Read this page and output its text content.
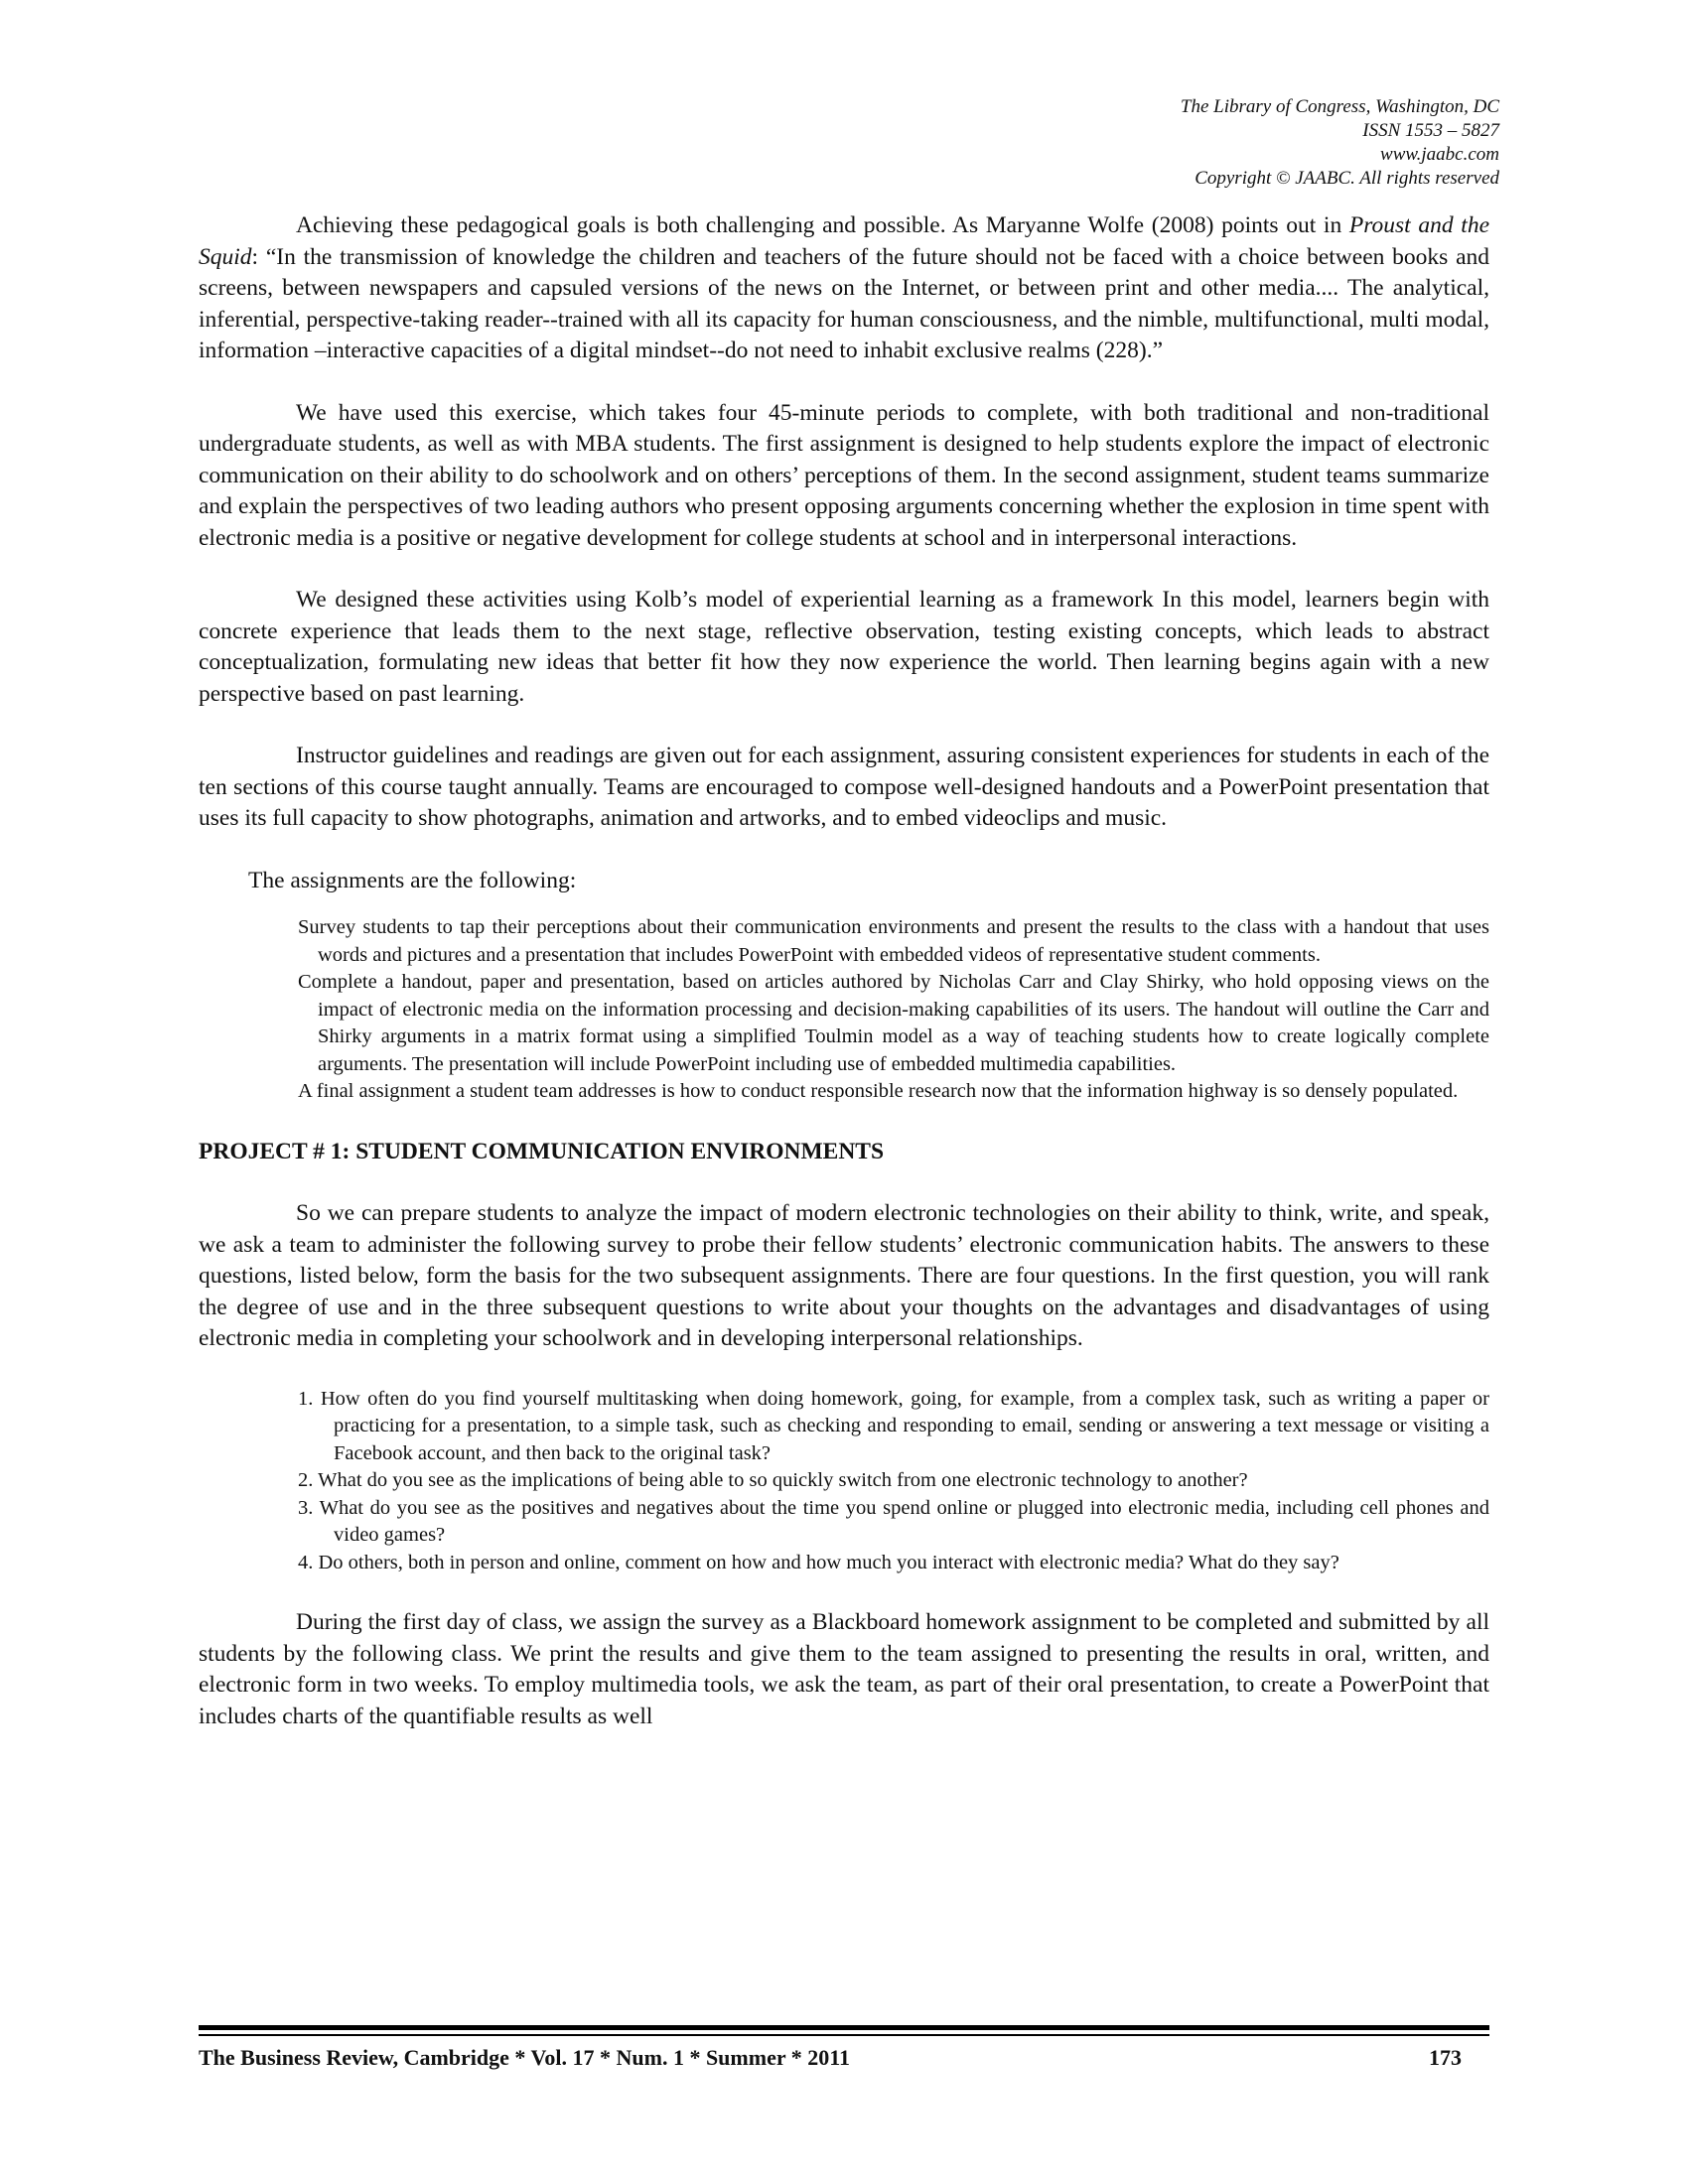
The Library of Congress, Washington, DC
ISSN 1553 – 5827
www.jaabc.com
Copyright © JAABC. All rights reserved

Achieving these pedagogical goals is both challenging and possible. As Maryanne Wolfe (2008) points out in Proust and the Squid: “In the transmission of knowledge the children and teachers of the future should not be faced with a choice between books and screens, between newspapers and capsuled versions of the news on the Internet, or between print and other media.... The analytical, inferential, perspective-taking reader--trained with all its capacity for human consciousness, and the nimble, multifunctional, multi modal, information –interactive capacities of a digital mindset--do not need to inhabit exclusive realms (228).”

We have used this exercise, which takes four 45-minute periods to complete, with both traditional and non-traditional undergraduate students, as well as with MBA students. The first assignment is designed to help students explore the impact of electronic communication on their ability to do schoolwork and on others’ perceptions of them. In the second assignment, student teams summarize and explain the perspectives of two leading authors who present opposing arguments concerning whether the explosion in time spent with electronic media is a positive or negative development for college students at school and in interpersonal interactions.

We designed these activities using Kolb’s model of experiential learning as a framework In this model, learners begin with concrete experience that leads them to the next stage, reflective observation, testing existing concepts, which leads to abstract conceptualization, formulating new ideas that better fit how they now experience the world. Then learning begins again with a new perspective based on past learning.

Instructor guidelines and readings are given out for each assignment, assuring consistent experiences for students in each of the ten sections of this course taught annually. Teams are encouraged to compose well-designed handouts and a PowerPoint presentation that uses its full capacity to show photographs, animation and artworks, and to embed videoclips and music.

The assignments are the following:

Survey students to tap their perceptions about their communication environments and present the results to the class with a handout that uses words and pictures and a presentation that includes PowerPoint with embedded videos of representative student comments.

Complete a handout, paper and presentation, based on articles authored by Nicholas Carr and Clay Shirky, who hold opposing views on the impact of electronic media on the information processing and decision-making capabilities of its users. The handout will outline the Carr and Shirky arguments in a matrix format using a simplified Toulmin model as a way of teaching students how to create logically complete arguments. The presentation will include PowerPoint including use of embedded multimedia capabilities.

A final assignment a student team addresses is how to conduct responsible research now that the information highway is so densely populated.

PROJECT # 1: STUDENT COMMUNICATION ENVIRONMENTS

So we can prepare students to analyze the impact of modern electronic technologies on their ability to think, write, and speak, we ask a team to administer the following survey to probe their fellow students’ electronic communication habits. The answers to these questions, listed below, form the basis for the two subsequent assignments. There are four questions. In the first question, you will rank the degree of use and in the three subsequent questions to write about your thoughts on the advantages and disadvantages of using electronic media in completing your schoolwork and in developing interpersonal relationships.

1. How often do you find yourself multitasking when doing homework, going, for example, from a complex task, such as writing a paper or practicing for a presentation, to a simple task, such as checking and responding to email, sending or answering a text message or visiting a Facebook account, and then back to the original task?

2. What do you see as the implications of being able to so quickly switch from one electronic technology to another?

3. What do you see as the positives and negatives about the time you spend online or plugged into electronic media, including cell phones and video games?

4. Do others, both in person and online, comment on how and how much you interact with electronic media? What do they say?

During the first day of class, we assign the survey as a Blackboard homework assignment to be completed and submitted by all students by the following class. We print the results and give them to the team assigned to presenting the results in oral, written, and electronic form in two weeks. To employ multimedia tools, we ask the team, as part of their oral presentation, to create a PowerPoint that includes charts of the quantifiable results as well

The Business Review, Cambridge * Vol. 17 * Num. 1 * Summer * 2011	173
